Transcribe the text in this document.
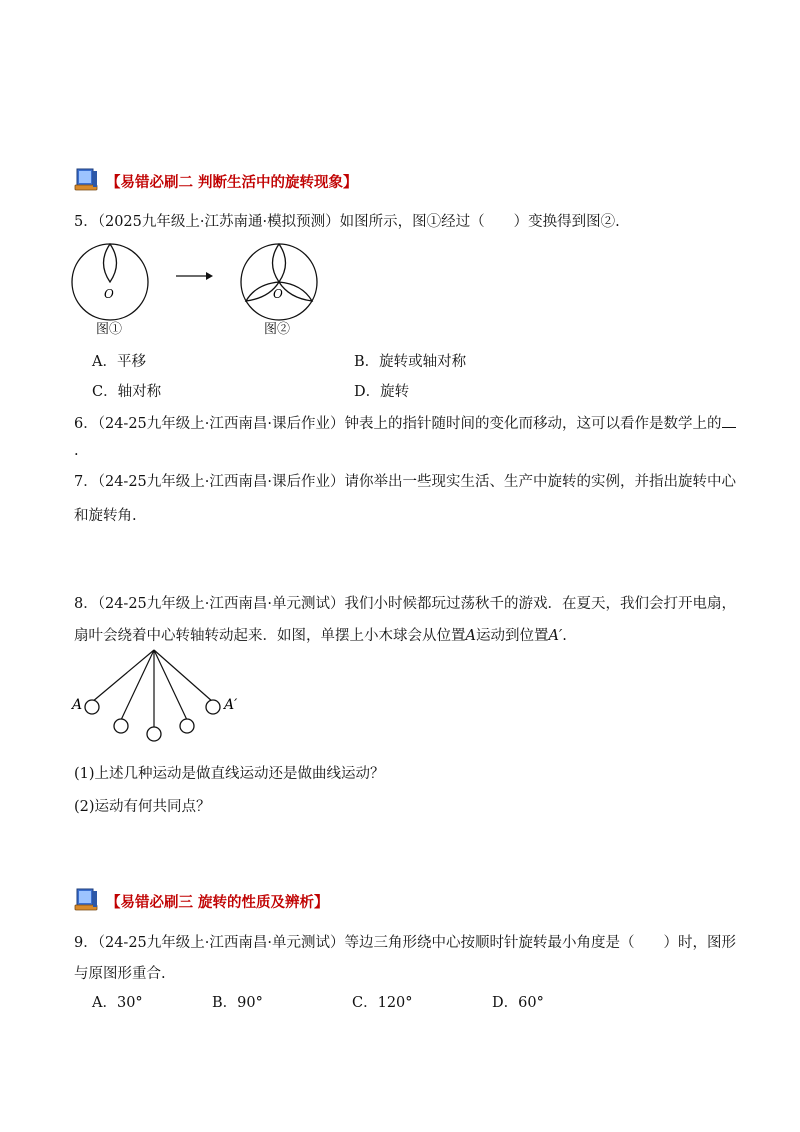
【易错必刷二 判断生活中的旋转现象】
5．（2025九年级上·江苏南通·模拟预测）如图所示，图①经过（　　）变换得到图②.
O	O
图①	图②
A．平移	B．旋转或轴对称
C．轴对称	D．旋转
6．（24-25九年级上·江西南昌·课后作业）钟表上的指针随时间的变化而移动，这可以看作是数学上的
.
7．（24-25九年级上·江西南昌·课后作业）请你举出一些现实生活、生产中旋转的实例，并指出旋转中心
和旋转角.
8．（24-25九年级上·江西南昌·单元测试）我们小时候都玩过荡秋千的游戏．在夏天，我们会打开电扇，
扇叶会绕着中心转轴转动起来．如图，单摆上小木球会从位置A运动到位置A′.
A	A′
(1)上述几种运动是做直线运动还是做曲线运动？
(2)运动有何共同点？
【易错必刷三 旋转的性质及辨析】
9．（24-25九年级上·江西南昌·单元测试）等边三角形绕中心按顺时针旋转最小角度是（　　）时，图形
与原图形重合.
A．30°	B．90°	C．120°	D．60°
